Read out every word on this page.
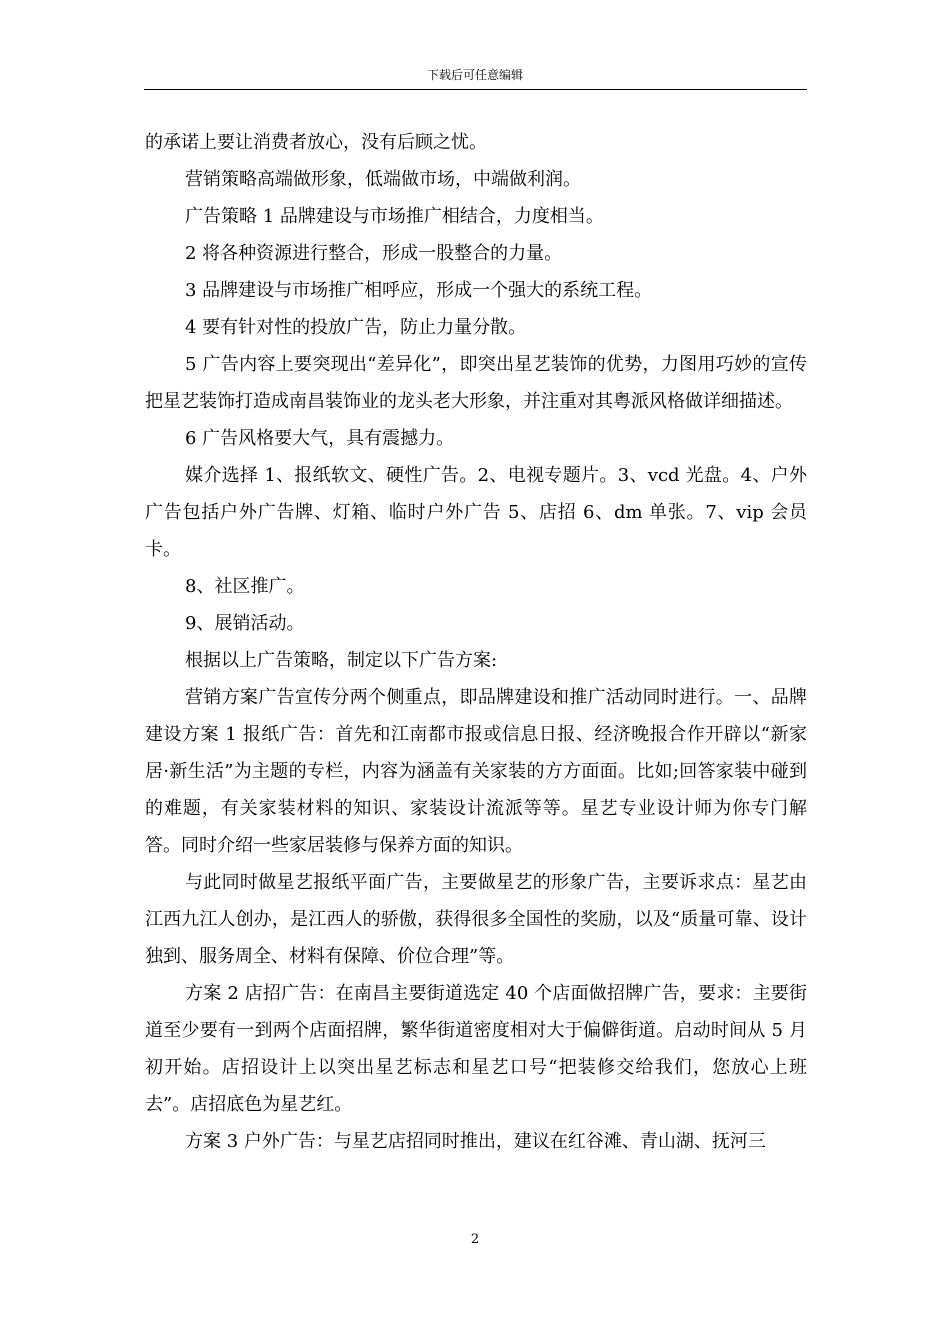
下载后可任意编辑

的承诺上要让消费者放心，没有后顾之忧。

营销策略高端做形象，低端做市场，中端做利润。

广告策略 1 品牌建设与市场推广相结合，力度相当。

2 将各种资源进行整合，形成一股整合的力量。

3 品牌建设与市场推广相呼应，形成一个强大的系统工程。

4 要有针对性的投放广告，防止力量分散。

5 广告内容上要突现出“差异化”，即突出星艺装饰的优势，力图用巧妙的宣传把星艺装饰打造成南昌装饰业的龙头老大形象，并注重对其粤派风格做详细描述。

6 广告风格要大气，具有震撼力。

媒介选择 1、报纸软文、硬性广告。2、电视专题片。3、vcd 光盘。4、户外广告包括户外广告牌、灯箱、临时户外广告 5、店招 6、dm 单张。7、vip 会员卡。

8、社区推广。

9、展销活动。

根据以上广告策略，制定以下广告方案:

营销方案广告宣传分两个侧重点，即品牌建设和推广活动同时进行。一、品牌建设方案 1 报纸广告：首先和江南都市报或信息日报、经济晚报合作开辟以“新家居·新生活”为主题的专栏，内容为涵盖有关家装的方方面面。比如;回答家装中碰到的难题，有关家装材料的知识、家装设计流派等等。星艺专业设计师为你专门解答。同时介绍一些家居装修与保养方面的知识。

与此同时做星艺报纸平面广告，主要做星艺的形象广告，主要诉求点：星艺由江西九江人创办，是江西人的骄傲，获得很多全国性的奖励，以及“质量可靠、设计独到、服务周全、材料有保障、价位合理”等。

方案 2 店招广告：在南昌主要街道选定 40 个店面做招牌广告，要求：主要街道至少要有一到两个店面招牌，繁华街道密度相对大于偏僻街道。启动时间从 5 月初开始。店招设计上以突出星艺标志和星艺口号“把装修交给我们，您放心上班去”。店招底色为星艺红。

方案 3 户外广告：与星艺店招同时推出，建议在红谷滩、青山湖、抚河三

2
